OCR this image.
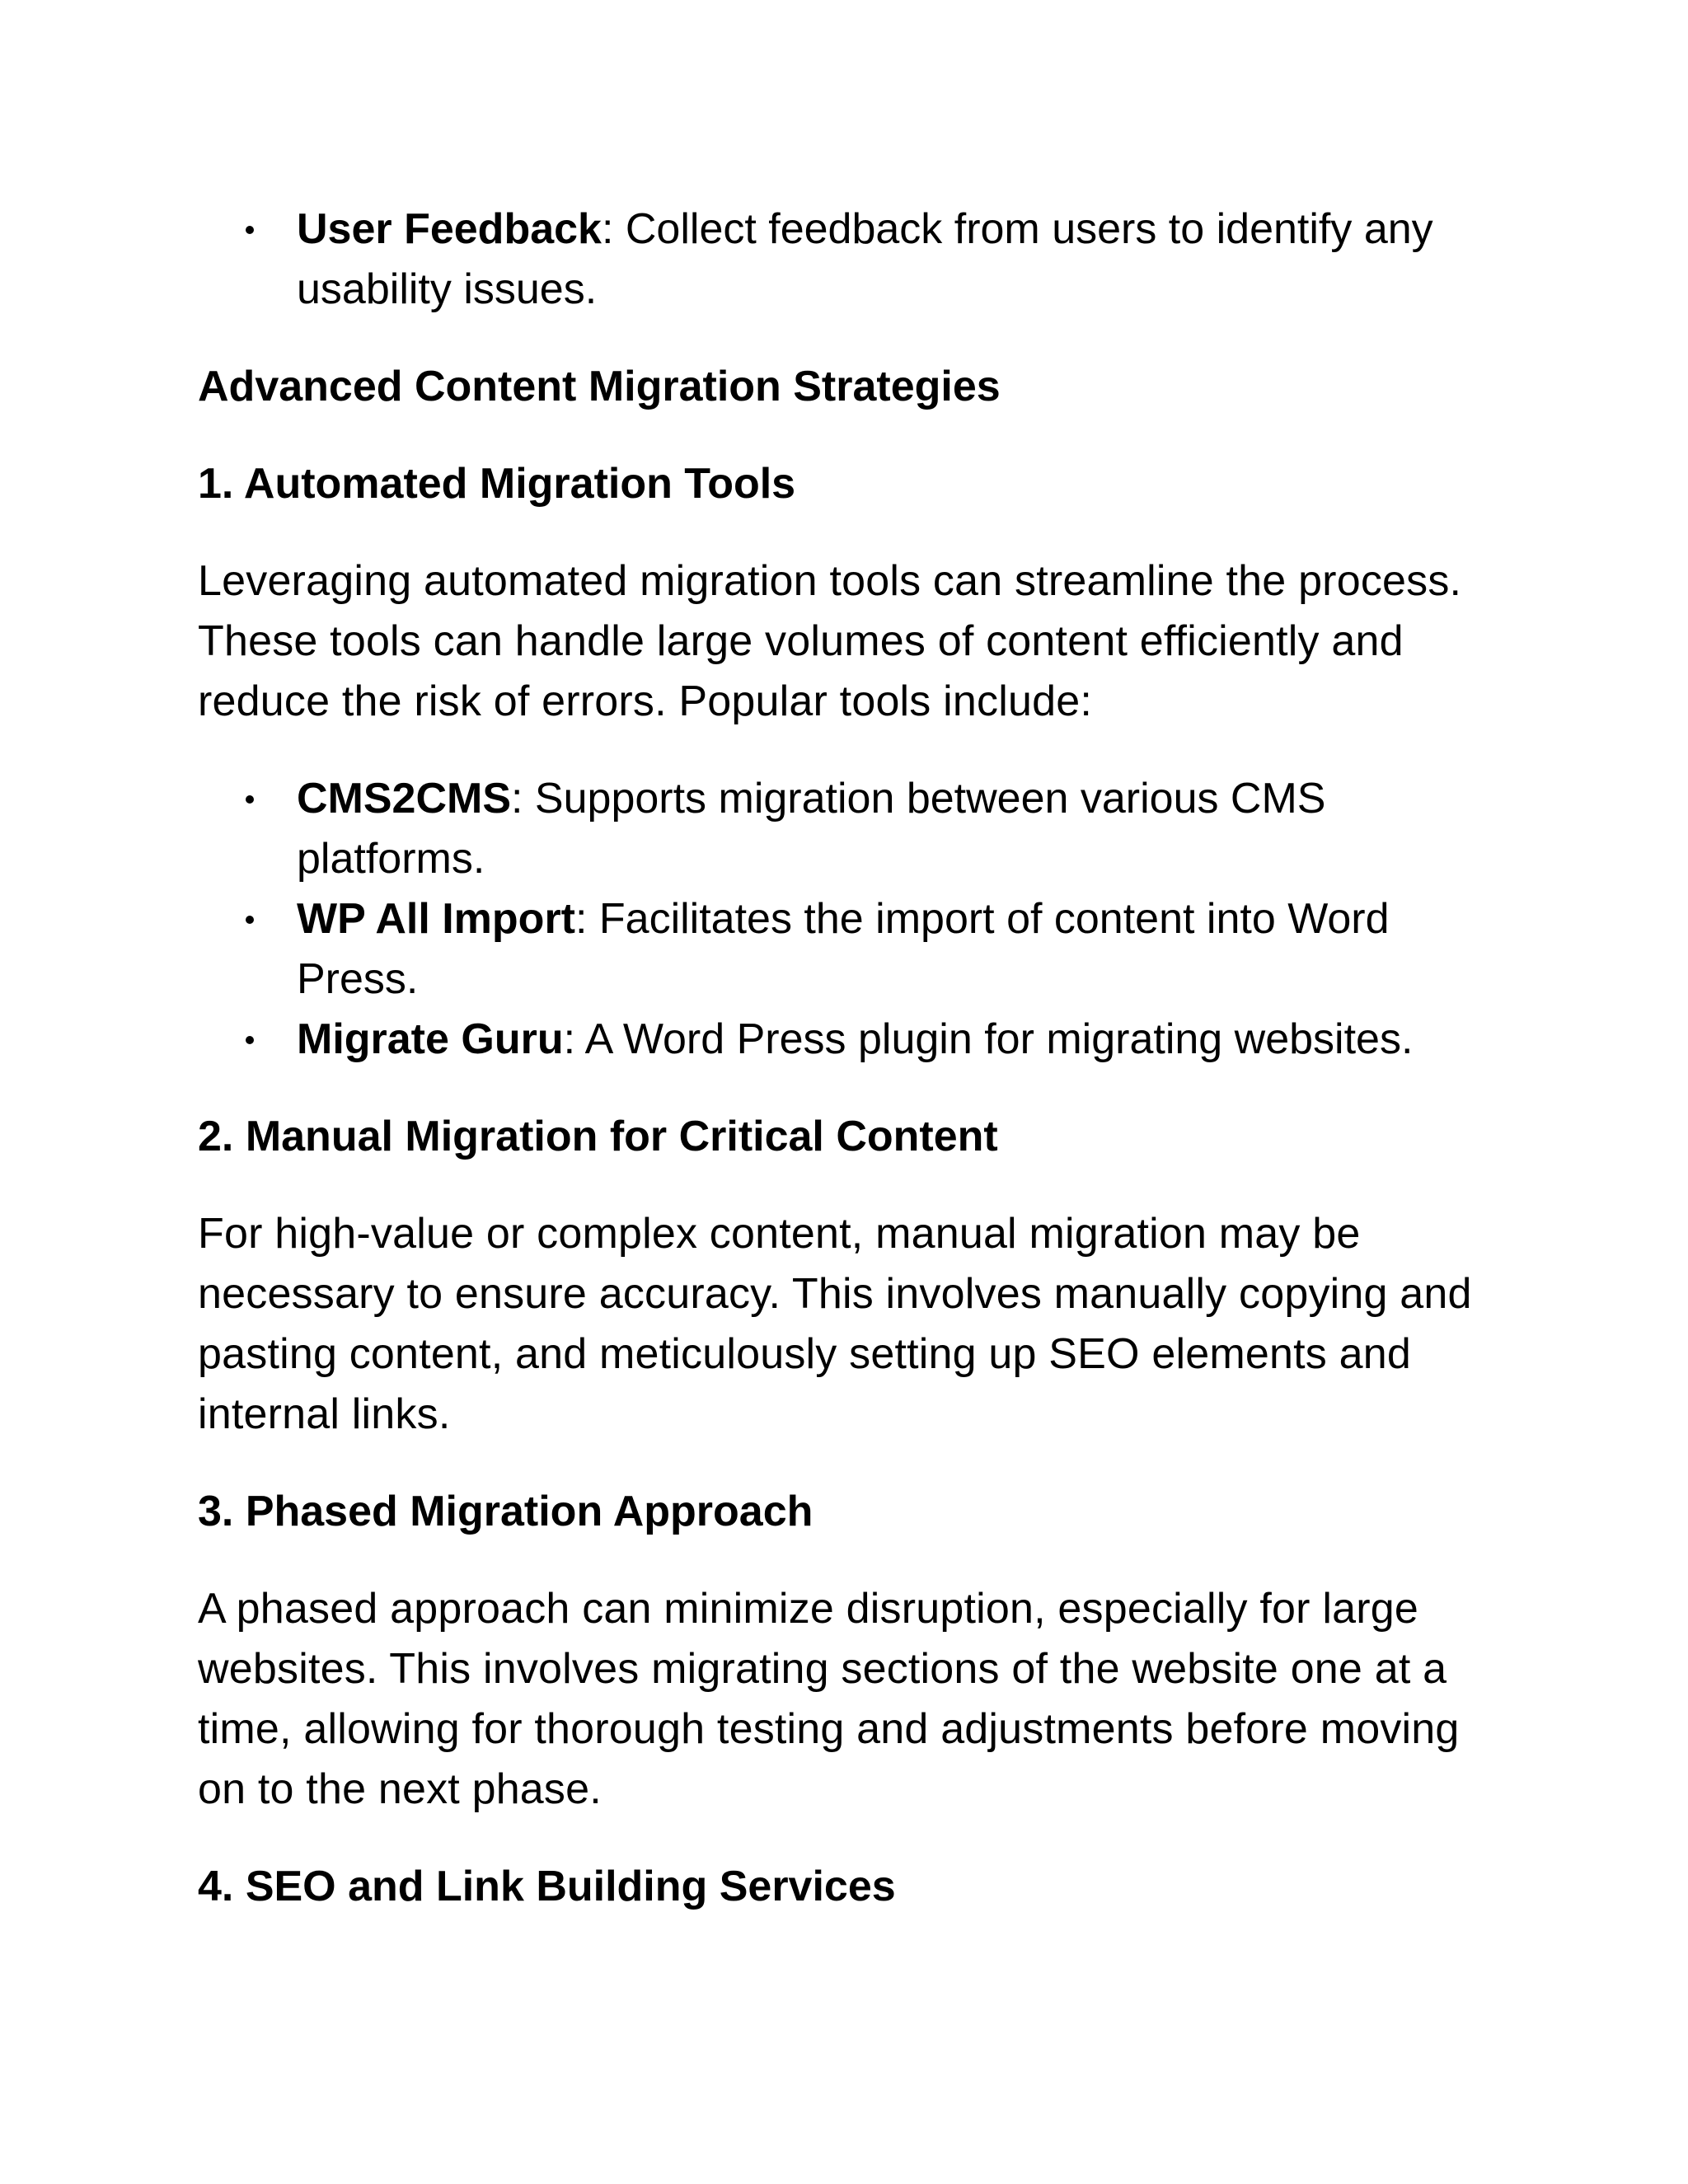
User Feedback: Collect feedback from users to identify any usability issues.

Advanced Content Migration Strategies

1. Automated Migration Tools

Leveraging automated migration tools can streamline the process. These tools can handle large volumes of content efficiently and reduce the risk of errors. Popular tools include:

CMS2CMS: Supports migration between various CMS platforms.
WP All Import: Facilitates the import of content into Word Press.
Migrate Guru: A Word Press plugin for migrating websites.

2. Manual Migration for Critical Content

For high-value or complex content, manual migration may be necessary to ensure accuracy. This involves manually copying and pasting content, and meticulously setting up SEO elements and internal links.

3. Phased Migration Approach

A phased approach can minimize disruption, especially for large websites. This involves migrating sections of the website one at a time, allowing for thorough testing and adjustments before moving on to the next phase.

4. SEO and Link Building Services
